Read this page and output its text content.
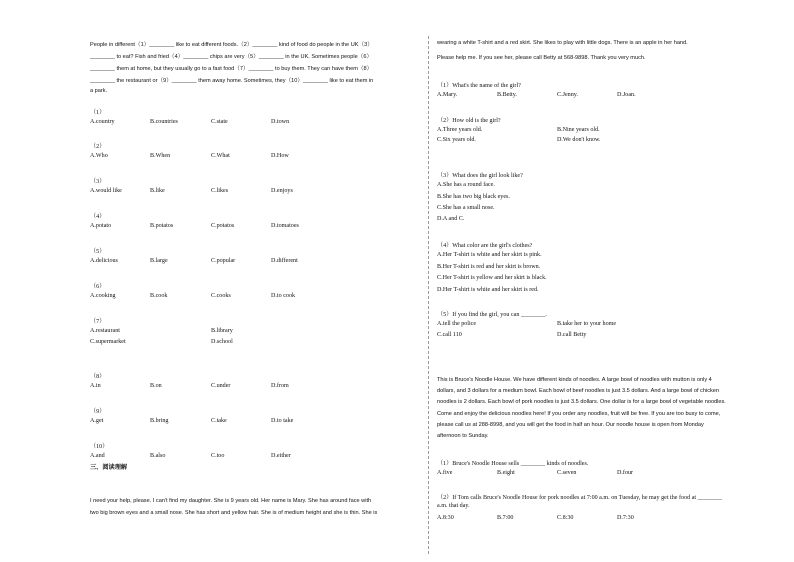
People in different（1）________ like to eat different foods.（2）________ kind of food do people in the UK（3）
________ to eat? Fish and fried（4）________ chips are very（5）________ in the UK. Sometimes people（6）
________ them at home, but they usually go to a fast food（7）________ to buy them. They can have them（8）
________ the restaurant or（9）________ them away home. Sometimes, they（10）________ like to eat them in
a park.
（1）
A.country	B.countries	C.state	D.town
（2）
A.Who	B.When	C.What	D.How
（3）
A.would like	B.like	C.likes	D.enjoys
（4）
A.potato	B.potatos	C.potatos	D.tomatoes
（5）
A.delicious	B.large	C.popular	D.different
（6）
A.cooking	B.cook	C.cooks	D.to cook
（7）
A.restaurant	B.library
C.supermarket	D.school
（8）
A.in	B.on	C.under	D.from
（9）
A.get	B.bring	C.take	D.to take
（10）
A.and	B.also	C.too	D.either
三、阅读理解
I need your help, please. I can't find my daughter. She is 9 years old. Her name is Mary. She has around face with
two big brown eyes and a small nose. She has short and yellow hair. She is of medium height and she is thin. She is
wearing a white T-shirt and a red skirt. She likes to play with little dogs. There is an apple in her hand.
Please help me. If you see her, please call Betty at 568-9898. Thank you very much.
（1）What's the name of the girl?
A.Mary.	B.Betty.	C.Jenny.	D.Joan.
（2）How old is the girl?
A.Three years old.	B.Nine years old.
C.Six years old.	D.We don't know.
（3）What does the girl look like?
A.She has a round face.
B.She has two big black eyes.
C.She has a small nose.
D.A and C.
（4）What color are the girl's clothes?
A.Her T-shirt is white and her skirt is pink.
B.Her T-shirt is red and her skirt is brown.
C.Her T-shirt is yellow and her skirt is black.
D.Her T-shirt is white and her skirt is red.
（5）If you find the girl, you can ________.
A.tell the police	B.take her to your home
C.call 110	D.call Betty
This is Bruce's Noodle House. We have different kinds of noodles. A large bowl of noodles with mutton is only 4
dollars, and 3 dollars for a medium bowl. Each bowl of beef noodles is just 3.5 dollars. And a large bowl of chicken
noodles is 2 dollars. Each bowl of pork noodles is just 3.5 dollars. One dollar is for a large bowl of vegetable noodles.
Come and enjoy the delicious noodles here! If you order any noodles, fruit will be free. If you are too busy to come,
please call us at 288-8998, and you will get the food in half an hour. Our noodle house is open from Monday
afternoon to Sunday.
（1）Bruce's Noodle House sells ________ kinds of noodles.
A.five	B.eight	C.seven	D.four
（2）If Tom calls Bruce's Noodle House for pork noodles at 7:00 a.m. on Tuesday, he may get the food at ________
a.m. that day.
A.8:30	B.7:00	C.8:30	D.7:30
